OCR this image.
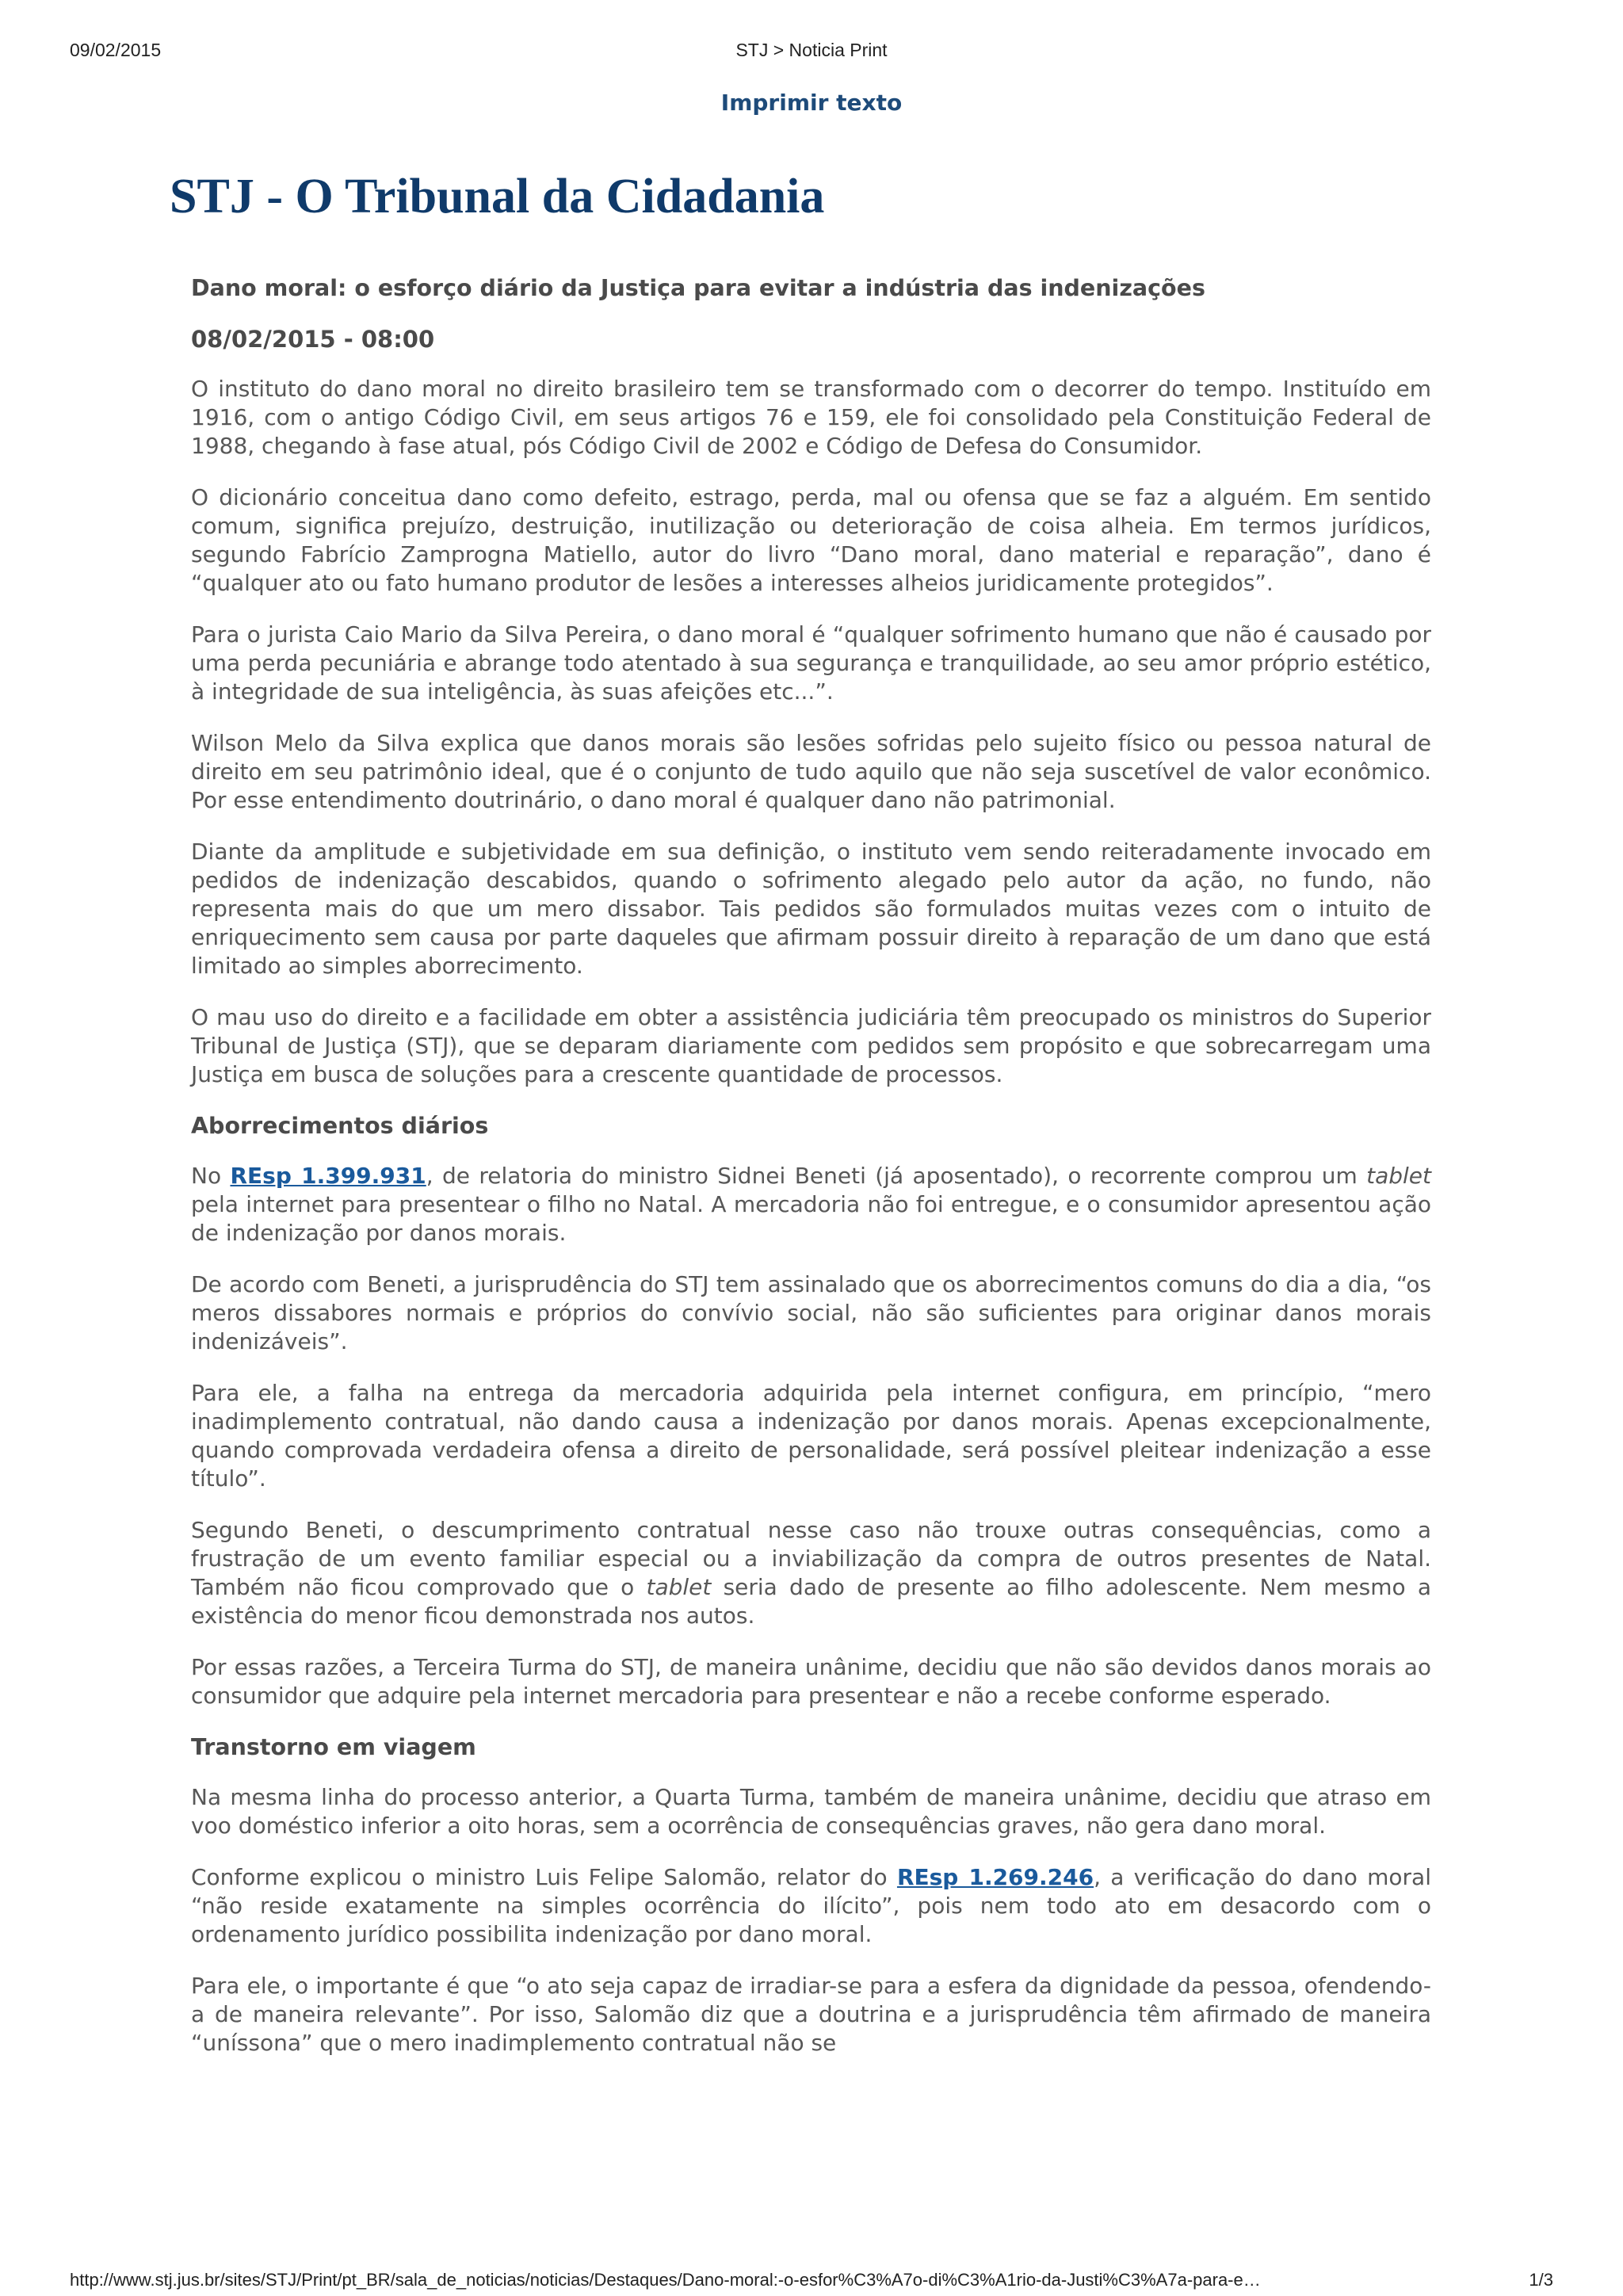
09/02/2015	STJ > Noticia Print
Imprimir texto
STJ - O Tribunal da Cidadania
Dano moral: o esforço diário da Justiça para evitar a indústria das indenizações
08/02/2015 - 08:00

O instituto do dano moral no direito brasileiro tem se transformado com o decorrer do tempo. Instituído em 1916, com o antigo Código Civil, em seus artigos 76 e 159, ele foi consolidado pela Constituição Federal de 1988, chegando à fase atual, pós Código Civil de 2002 e Código de Defesa do Consumidor.

O dicionário conceitua dano como defeito, estrago, perda, mal ou ofensa que se faz a alguém. Em sentido comum, significa prejuízo, destruição, inutilização ou deterioração de coisa alheia. Em termos jurídicos, segundo Fabrício Zamprogna Matiello, autor do livro “Dano moral, dano material e reparação”, dano é “qualquer ato ou fato humano produtor de lesões a interesses alheios juridicamente protegidos”.

Para o jurista Caio Mario da Silva Pereira, o dano moral é “qualquer sofrimento humano que não é causado por uma perda pecuniária e abrange todo atentado à sua segurança e tranquilidade, ao seu amor próprio estético, à integridade de sua inteligência, às suas afeições etc...”.

Wilson Melo da Silva explica que danos morais são lesões sofridas pelo sujeito físico ou pessoa natural de direito em seu patrimônio ideal, que é o conjunto de tudo aquilo que não seja suscetível de valor econômico. Por esse entendimento doutrinário, o dano moral é qualquer dano não patrimonial.

Diante da amplitude e subjetividade em sua definição, o instituto vem sendo reiteradamente invocado em pedidos de indenização descabidos, quando o sofrimento alegado pelo autor da ação, no fundo, não representa mais do que um mero dissabor. Tais pedidos são formulados muitas vezes com o intuito de enriquecimento sem causa por parte daqueles que afirmam possuir direito à reparação de um dano que está limitado ao simples aborrecimento.

O mau uso do direito e a facilidade em obter a assistência judiciária têm preocupado os ministros do Superior Tribunal de Justiça (STJ), que se deparam diariamente com pedidos sem propósito e que sobrecarregam uma Justiça em busca de soluções para a crescente quantidade de processos.

Aborrecimentos diários

No REsp 1.399.931, de relatoria do ministro Sidnei Beneti (já aposentado), o recorrente comprou um tablet pela internet para presentear o filho no Natal. A mercadoria não foi entregue, e o consumidor apresentou ação de indenização por danos morais.

De acordo com Beneti, a jurisprudência do STJ tem assinalado que os aborrecimentos comuns do dia a dia, “os meros dissabores normais e próprios do convívio social, não são suficientes para originar danos morais indenizáveis”.

Para ele, a falha na entrega da mercadoria adquirida pela internet configura, em princípio, “mero inadimplemento contratual, não dando causa a indenização por danos morais. Apenas excepcionalmente, quando comprovada verdadeira ofensa a direito de personalidade, será possível pleitear indenização a esse título”.

Segundo Beneti, o descumprimento contratual nesse caso não trouxe outras consequências, como a frustração de um evento familiar especial ou a inviabilização da compra de outros presentes de Natal. Também não ficou comprovado que o tablet seria dado de presente ao filho adolescente. Nem mesmo a existência do menor ficou demonstrada nos autos.

Por essas razões, a Terceira Turma do STJ, de maneira unânime, decidiu que não são devidos danos morais ao consumidor que adquire pela internet mercadoria para presentear e não a recebe conforme esperado.

Transtorno em viagem

Na mesma linha do processo anterior, a Quarta Turma, também de maneira unânime, decidiu que atraso em voo doméstico inferior a oito horas, sem a ocorrência de consequências graves, não gera dano moral.

Conforme explicou o ministro Luis Felipe Salomão, relator do REsp 1.269.246, a verificação do dano moral “não reside exatamente na simples ocorrência do ilícito”, pois nem todo ato em desacordo com o ordenamento jurídico possibilita indenização por dano moral.

Para ele, o importante é que “o ato seja capaz de irradiar-se para a esfera da dignidade da pessoa, ofendendo-a de maneira relevante”. Por isso, Salomão diz que a doutrina e a jurisprudência têm afirmado de maneira “uníssona” que o mero inadimplemento contratual não se

http://www.stj.jus.br/sites/STJ/Print/pt_BR/sala_de_noticias/noticias/Destaques/Dano-moral:-o-esfor%C3%A7o-di%C3%A1rio-da-Justi%C3%A7a-para-e…	1/3
